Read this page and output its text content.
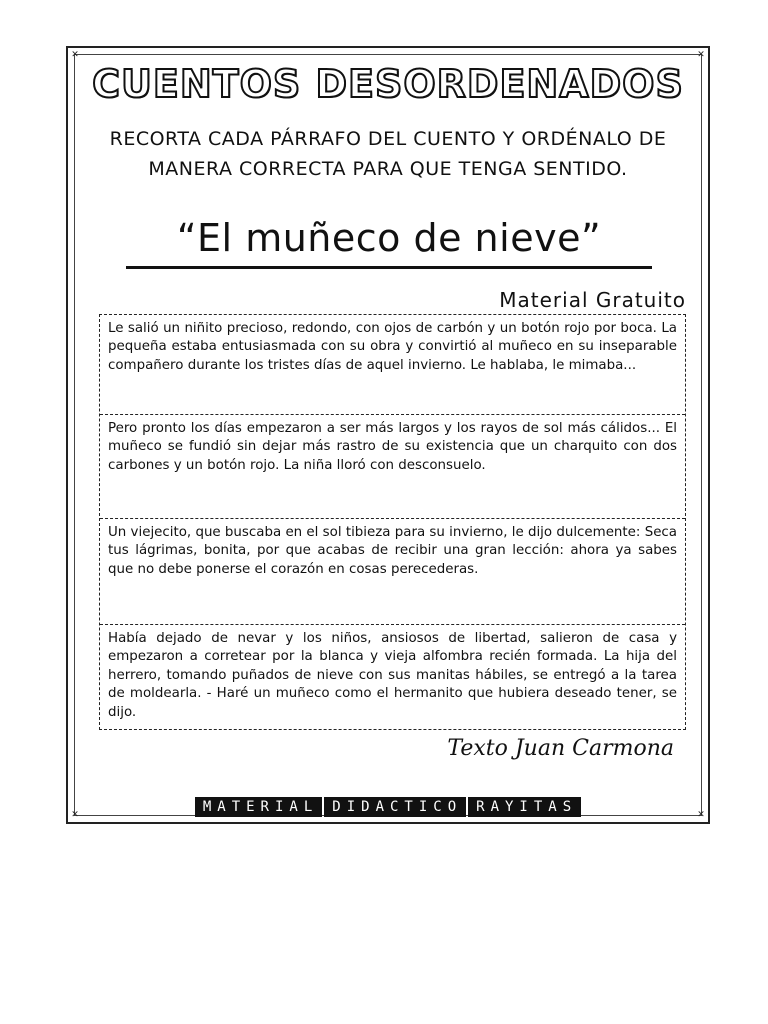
✕	✕
✕	✕
CUENTOS DESORDENADOS
RECORTA CADA PÁRRAFO DEL CUENTO Y ORDÉNALO DE MANERA CORRECTA PARA QUE TENGA SENTIDO.
“El muñeco de nieve”
Material Gratuito
Le salió un niñito precioso, redondo, con ojos de carbón y un botón rojo por boca. La pequeña estaba entusiasmada con su obra y convirtió al muñeco en su inseparable compañero durante los tristes días de aquel invierno. Le hablaba, le mimaba...
Pero pronto los días empezaron a ser más largos y los rayos de sol más cálidos... El muñeco se fundió sin dejar más rastro de su existencia que un charquito con dos carbones y un botón rojo. La niña lloró con desconsuelo.
Un viejecito, que buscaba en el sol tibieza para su invierno, le dijo dulcemente: Seca tus lágrimas, bonita, por que acabas de recibir una gran lección: ahora ya sabes que no debe ponerse el corazón en cosas perecederas.
Había dejado de nevar y los niños, ansiosos de libertad, salieron de casa y empezaron a corretear por la blanca y vieja alfombra recién formada. La hija del herrero, tomando puñados de nieve con sus manitas hábiles, se entregó a la tarea de moldearla. - Haré un muñeco como el hermanito que hubiera deseado tener, se dijo.
Texto Juan Carmona
MATERIAL DIDACTICO RAYITAS
